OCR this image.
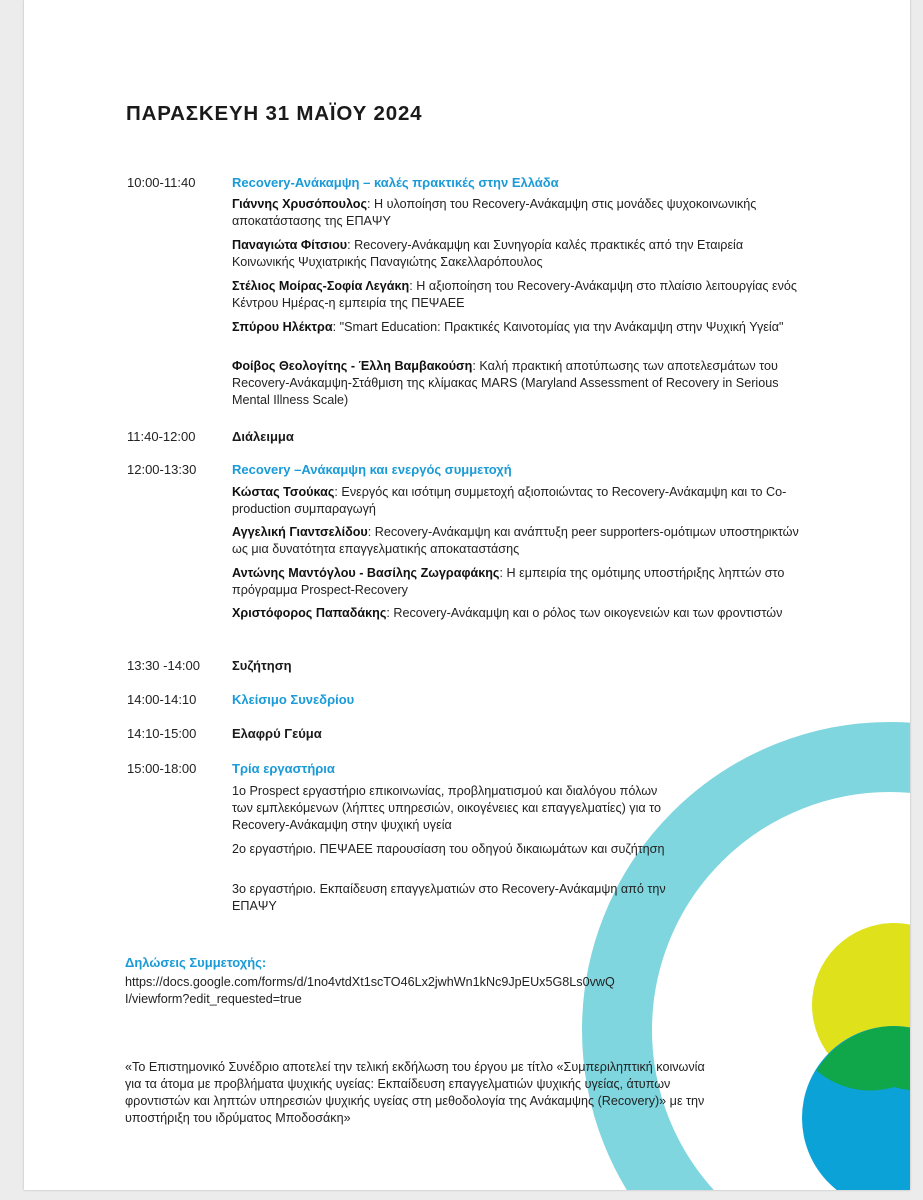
ΠΑΡΑΣΚΕΥΗ 31 ΜΑΪΟΥ 2024
10:00-11:40	Recovery-Ανάκαμψη – καλές πρακτικές στην Ελλάδα
Γιάννης Χρυσόπουλος: Η υλοποίηση του Recovery-Ανάκαμψη στις μονάδες ψυχοκοινωνικής αποκατάστασης της ΕΠΑΨΥ
Παναγιώτα Φίτσιου: Recovery-Ανάκαμψη και Συνηγορία καλές πρακτικές από την Εταιρεία Κοινωνικής Ψυχιατρικής Παναγιώτης Σακελλαρόπουλος
Στέλιος Μοίρας-Σοφία Λεγάκη: Η αξιοποίηση του Recovery-Ανάκαμψη στο πλαίσιο λειτουργίας ενός Κέντρου Ημέρας-η εμπειρία της ΠΕΨΑΕΕ
Σπύρου Ηλέκτρα: "Smart Education: Πρακτικές Καινοτομίας για την Ανάκαμψη στην Ψυχική Υγεία"
Φοίβος Θεολογίτης - Έλλη Βαμβακούση: Καλή πρακτική αποτύπωσης των αποτελεσμάτων του Recovery-Ανάκαμψη-Στάθμιση της κλίμακας MARS (Maryland Assessment of Recovery in Serious Mental Illness Scale)
11:40-12:00	Διάλειμμα
12:00-13:30	Recovery –Ανάκαμψη και ενεργός συμμετοχή
Κώστας Τσούκας: Ενεργός και ισότιμη συμμετοχή αξιοποιώντας το Recovery-Ανάκαμψη και το Co-production συμπαραγωγή
Αγγελική Γιαντσελίδου: Recovery-Ανάκαμψη και ανάπτυξη peer supporters-ομότιμων υποστηρικτών ως μια δυνατότητα επαγγελματικής αποκαταστάσης
Αντώνης Μαντόγλου - Βασίλης Ζωγραφάκης: Η εμπειρία της ομότιμης υποστήριξης ληπτών στο πρόγραμμα Prospect-Recovery
Χριστόφορος Παπαδάκης: Recovery-Ανάκαμψη και ο ρόλος των οικογενειών και των φροντιστών
13:30 -14:00 Συζήτηση
14:00-14:10	Κλείσιμο Συνεδρίου
14:10-15:00	Ελαφρύ Γεύμα
15:00-18:00	Τρία εργαστήρια
1ο Prospect εργαστήριο επικοινωνίας, προβληματισμού και διαλόγου πόλων των εμπλεκόμενων (λήπτες υπηρεσιών, οικογένειες και επαγγελματίες) για το Recovery-Ανάκαμψη στην ψυχική υγεία
2ο εργαστήριο. ΠΕΨΑΕΕ παρουσίαση του οδηγού δικαιωμάτων και συζήτηση
3ο εργαστήριο. Εκπαίδευση επαγγελματιών στο Recovery-Ανάκαμψη από την ΕΠΑΨΥ
Δηλώσεις Συμμετοχής:
https://docs.google.com/forms/d/1no4vtdXt1scTO46Lx2jwhWn1kNc9JpEUx5G8Ls0vwQI/viewform?edit_requested=true
«Το Επιστημονικό Συνέδριο αποτελεί την τελική εκδήλωση του έργου με τίτλο «Συμπεριληπτική κοινωνία για τα άτομα με προβλήματα ψυχικής υγείας: Εκπαίδευση επαγγελματιών ψυχικής υγείας, άτυπων φροντιστών και ληπτών υπηρεσιών ψυχικής υγείας στη μεθοδολογία της Ανάκαμψης (Recovery)» με την υποστήριξη του ιδρύματος Μποδοσάκη»
